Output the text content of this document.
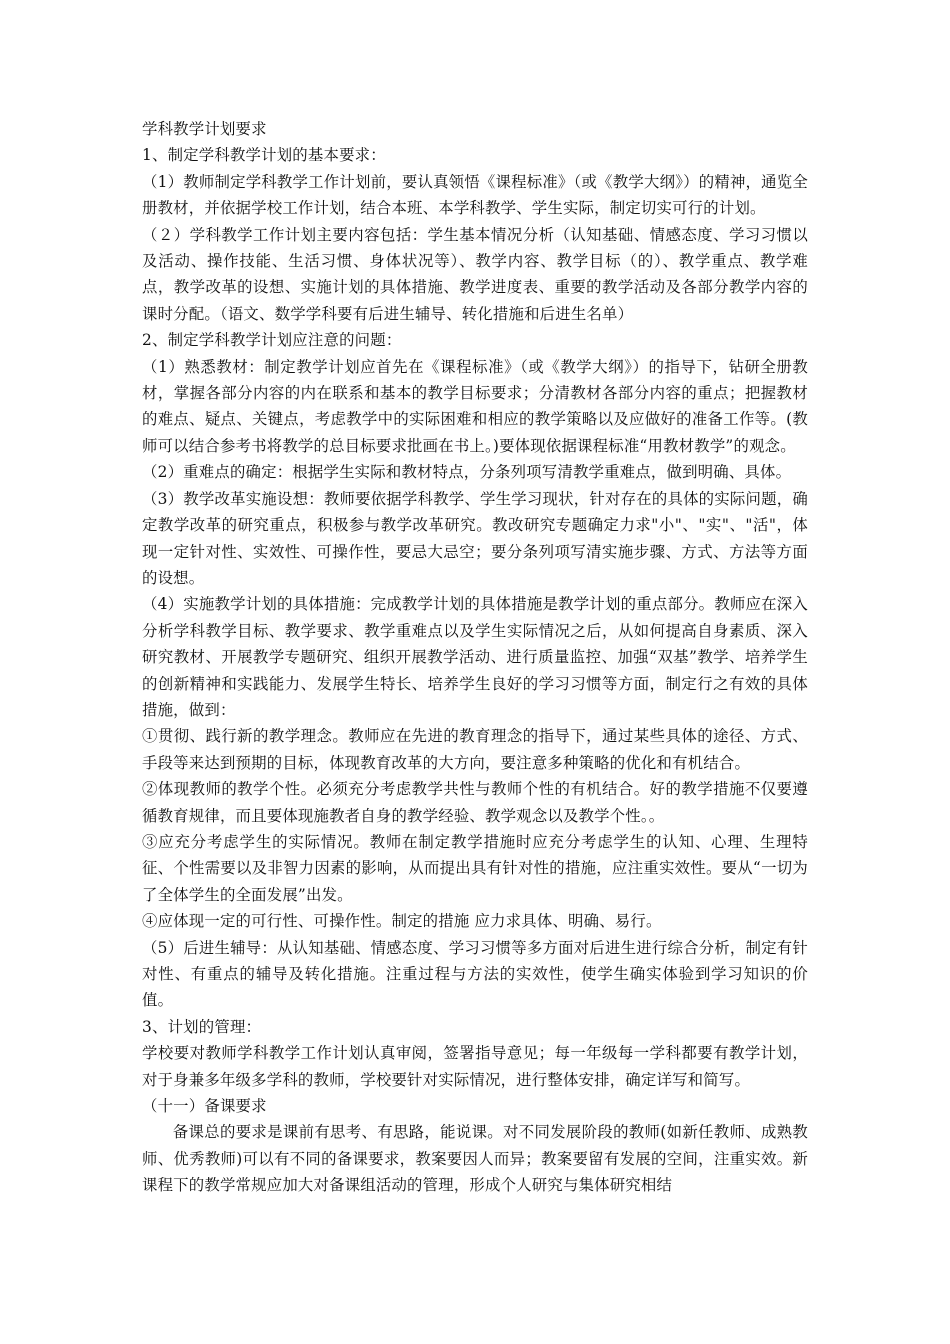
学科教学计划要求

1、制定学科教学计划的基本要求：

（1）教师制定学科教学工作计划前，要认真领悟《课程标准》（或《教学大纲》）的精神，通览全册教材，并依据学校工作计划，结合本班、本学科教学、学生实际，制定切实可行的计划。

（２）学科教学工作计划主要内容包括：学生基本情况分析（认知基础、情感态度、学习习惯以及活动、操作技能、生活习惯、身体状况等）、教学内容、教学目标（的）、教学重点、教学难点，教学改革的设想、实施计划的具体措施、教学进度表、重要的教学活动及各部分教学内容的课时分配。（语文、数学学科要有后进生辅导、转化措施和后进生名单）

2、制定学科教学计划应注意的问题：

（1）熟悉教材：制定教学计划应首先在《课程标准》（或《教学大纲》）的指导下，钻研全册教材，掌握各部分内容的内在联系和基本的教学目标要求；分清教材各部分内容的重点；把握教材的难点、疑点、关键点，考虑教学中的实际困难和相应的教学策略以及应做好的准备工作等。(教师可以结合参考书将教学的总目标要求批画在书上。)要体现依据课程标准“用教材教学”的观念。

（2）重难点的确定：根据学生实际和教材特点，分条列项写清教学重难点，做到明确、具体。

（3）教学改革实施设想：教师要依据学科教学、学生学习现状，针对存在的具体的实际问题，确定教学改革的研究重点，积极参与教学改革研究。教改研究专题确定力求"小"、"实"、"活"，体现一定针对性、实效性、可操作性，要忌大忌空；要分条列项写清实施步骤、方式、方法等方面的设想。

（4）实施教学计划的具体措施：完成教学计划的具体措施是教学计划的重点部分。教师应在深入分析学科教学目标、教学要求、教学重难点以及学生实际情况之后，从如何提高自身素质、深入研究教材、开展教学专题研究、组织开展教学活动、进行质量监控、加强“双基”教学、培养学生的创新精神和实践能力、发展学生特长、培养学生良好的学习习惯等方面，制定行之有效的具体措施，做到：

①贯彻、践行新的教学理念。教师应在先进的教育理念的指导下，通过某些具体的途径、方式、手段等来达到预期的目标，体现教育改革的大方向，要注意多种策略的优化和有机结合。

②体现教师的教学个性。必须充分考虑教学共性与教师个性的有机结合。好的教学措施不仅要遵循教育规律，而且要体现施教者自身的教学经验、教学观念以及教学个性。。

③应充分考虑学生的实际情况。教师在制定教学措施时应充分考虑学生的认知、心理、生理特征、个性需要以及非智力因素的影响，从而提出具有针对性的措施，应注重实效性。要从“一切为了全体学生的全面发展”出发。

④应体现一定的可行性、可操作性。制定的措施 应力求具体、明确、易行。

（5）后进生辅导：从认知基础、情感态度、学习习惯等多方面对后进生进行综合分析，制定有针对性、有重点的辅导及转化措施。注重过程与方法的实效性，使学生确实体验到学习知识的价值。

3、计划的管理：

学校要对教师学科教学工作计划认真审阅，签署指导意见；每一年级每一学科都要有教学计划，对于身兼多年级多学科的教师，学校要针对实际情况，进行整体安排，确定详写和简写。

（十一）备课要求

备课总的要求是课前有思考、有思路，能说课。对不同发展阶段的教师(如新任教师、成熟教师、优秀教师)可以有不同的备课要求，教案要因人而异；教案要留有发展的空间，注重实效。新课程下的教学常规应加大对备课组活动的管理，形成个人研究与集体研究相结
